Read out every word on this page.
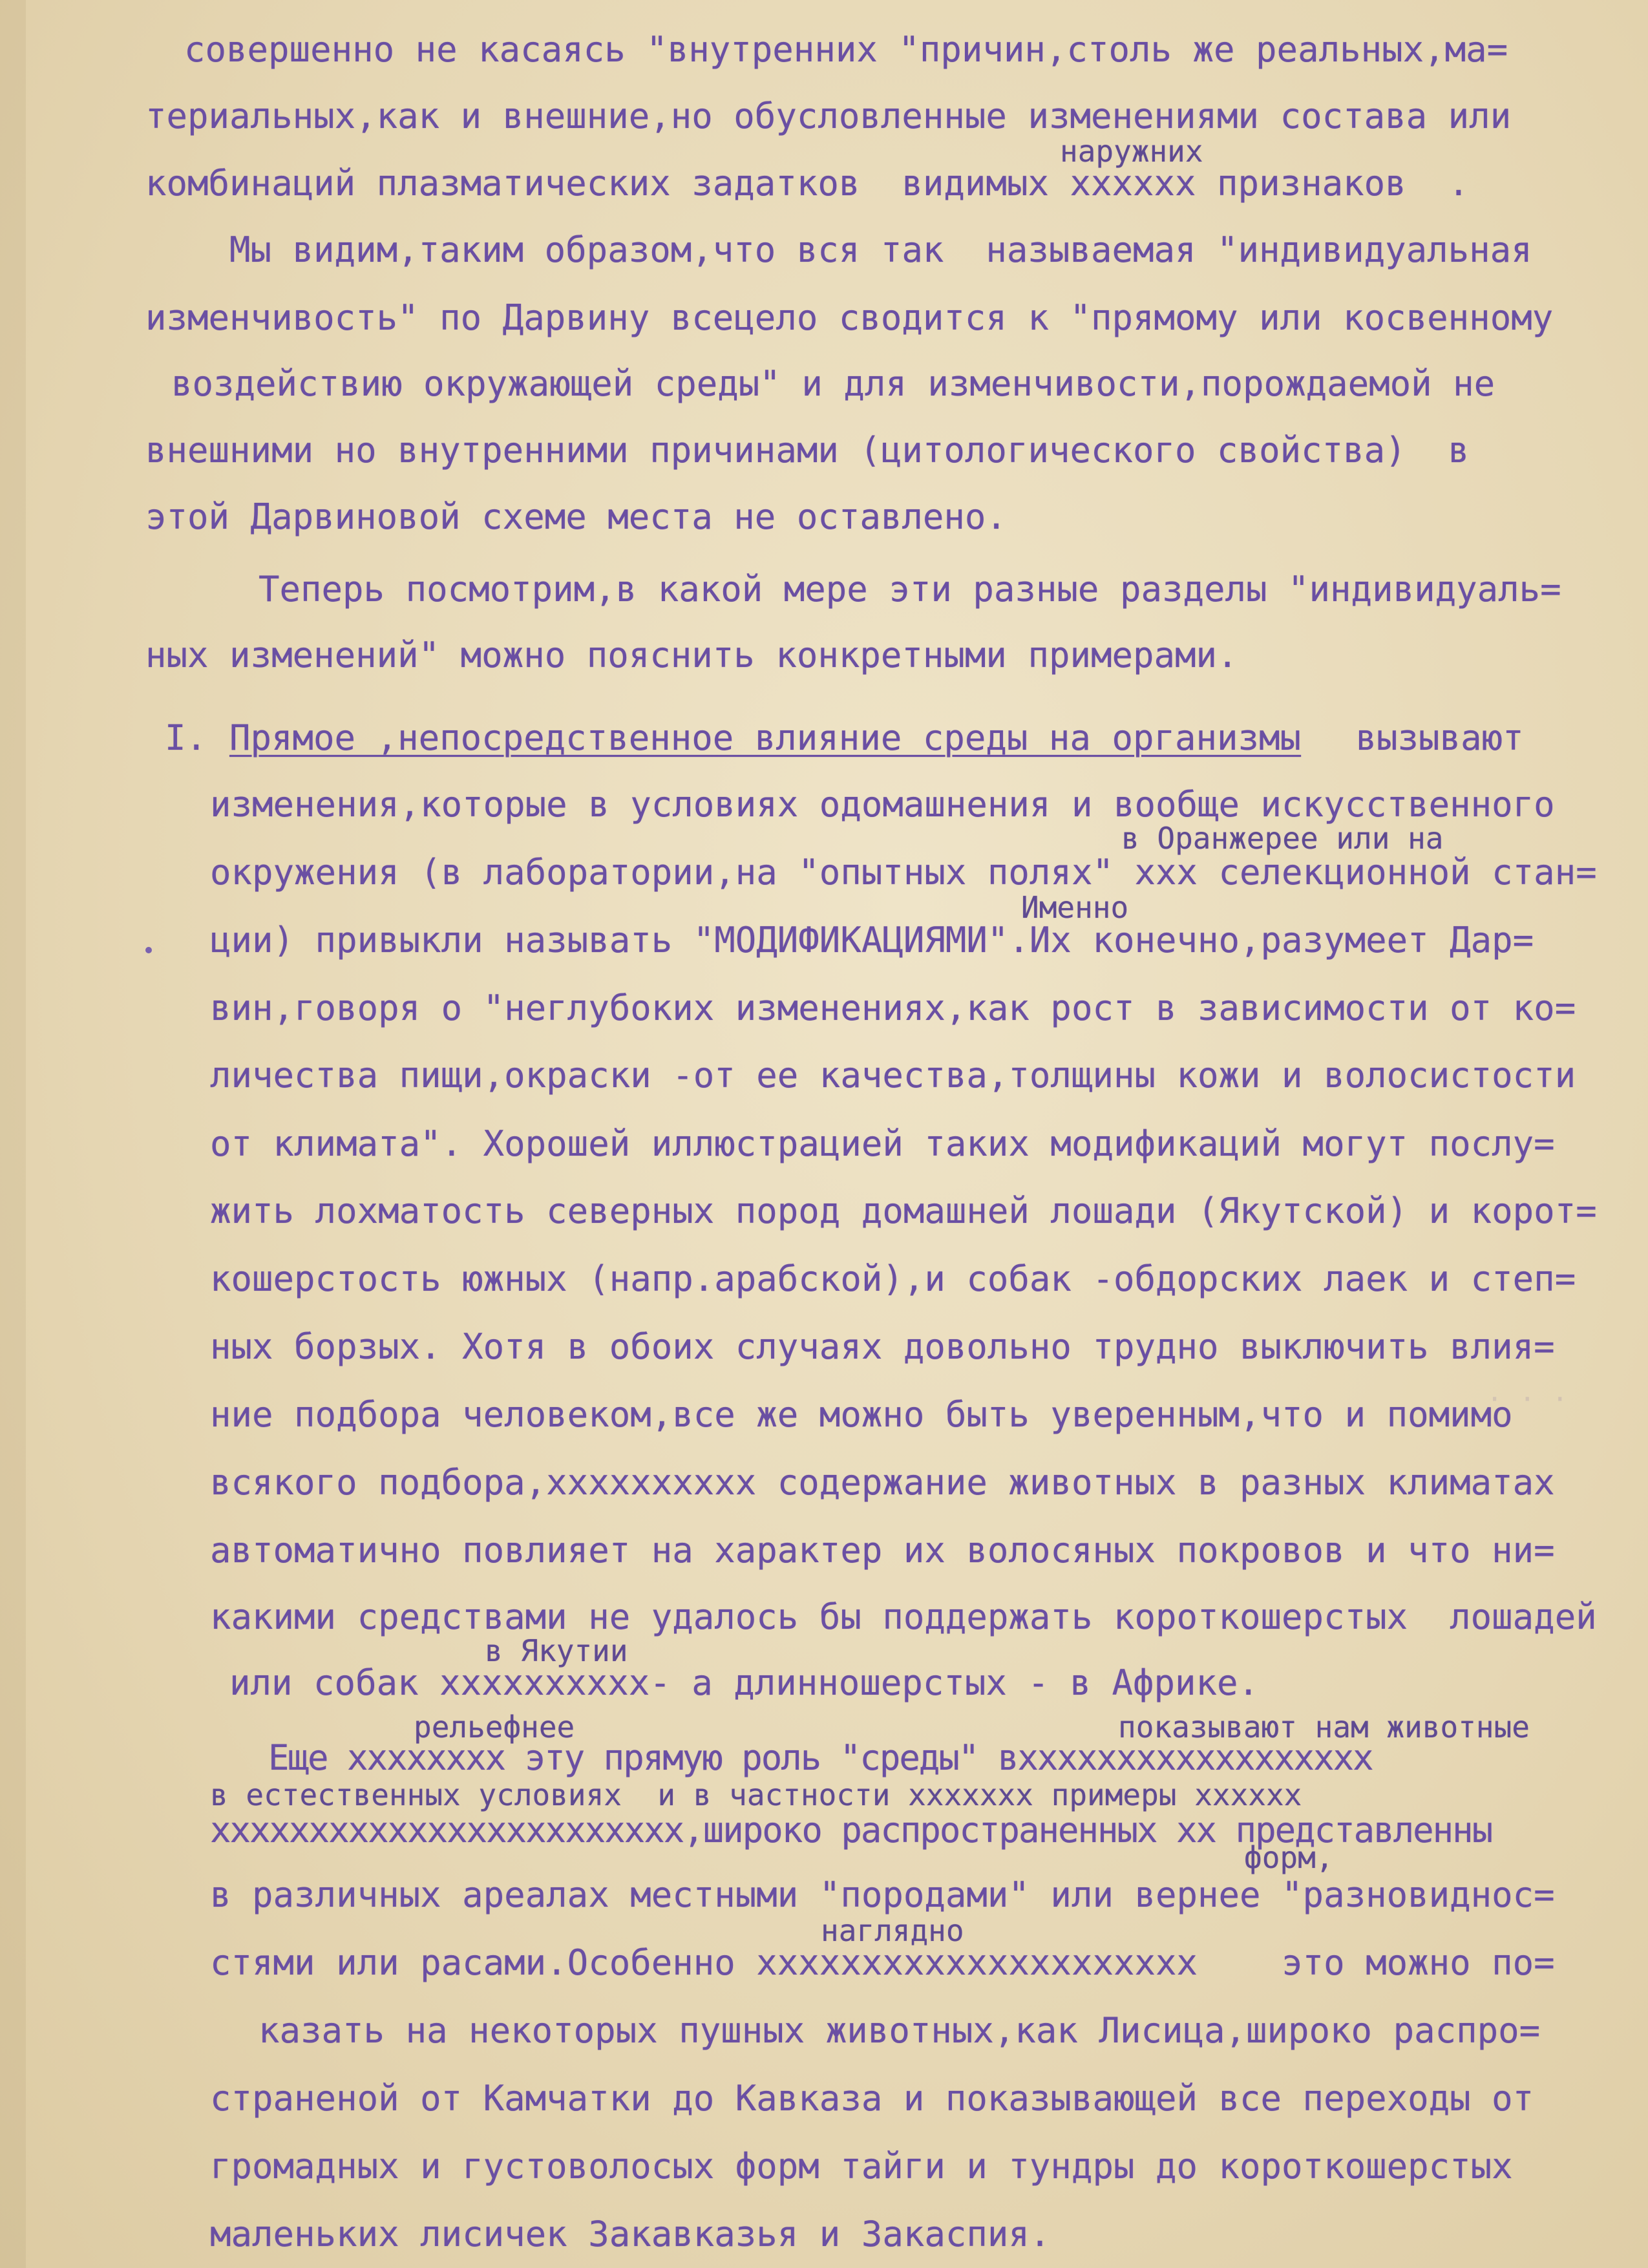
· · ·
совершенно не касаясь "внутренних "причин,столь же реальных,ма=
териальных,как и внешние,но обусловленные изменениями состава или
наружних
комбинаций плазматических задатков  видимых хххххх признаков  .
Мы видим,таким образом,что вся так  называемая "индивидуальная
изменчивость" по Дарвину всецело сводится к "прямому или косвенному
воздействию окружающей среды" и для изменчивости,порождаемой не
внешними но внутренними причинами (цитологического свойства)  в
этой Дарвиновой схеме места не оставлено.
Теперь посмотрим,в какой мере эти разные разделы "индивидуаль=
ных изменений" можно пояснить конкретными примерами.
I. Прямое ,непосредственное влияние среды на организмы вызывают
изменения,которые в условиях одомашнения и вообще искусственного
в Оранжерее или на
окружения (в лаборатории,на "опытных полях" ххх селекционной стан=
Именно
ции) привыкли называть "МОДИФИКАЦИЯМИ".Их конечно,разумеет Дар=
вин,говоря о "неглубоких изменениях,как рост в зависимости от ко=
личества пищи,окраски -от ее качества,толщины кожи и волосистости
от климата". Хорошей иллюстрацией таких модификаций могут послу=
жить лохматость северных пород домашней лошади (Якутской) и корот=
кошерстость южных (напр.арабской),и собак -обдорских лаек и степ=
ных борзых. Хотя в обоих случаях довольно трудно выключить влия=
ние подбора человеком,все же можно быть уверенным,что и помимо
всякого подбора,хххххххххх содержание животных в разных климатах
автоматично повлияет на характер их волосяных покровов и что ни=
какими средствами не удалось бы поддержать короткошерстых  лошадей
в Якутии
или собак хххххххххх- а длинношерстых - в Африке.
рельефнее	показывают нам животные
Еще хххххххх эту прямую роль "среды" вхххххххххххххххххх
в естественных условиях  и в частности ххххххх примеры хххххх
хххххххххххххххххххххххх,широко распространенных хх представленны
форм,
в различных ареалах местными "породами" или вернее "разновиднос=
наглядно
стями или расами.Особенно ххххххххххххххххххххх    это можно по=
казать на некоторых пушных животных,как Лисица,широко распро=
страненой от Камчатки до Кавказа и показывающей все переходы от
громадных и густоволосых форм тайги и тундры до короткошерстых
маленьких лисичек Закавказья и Закаспия.
